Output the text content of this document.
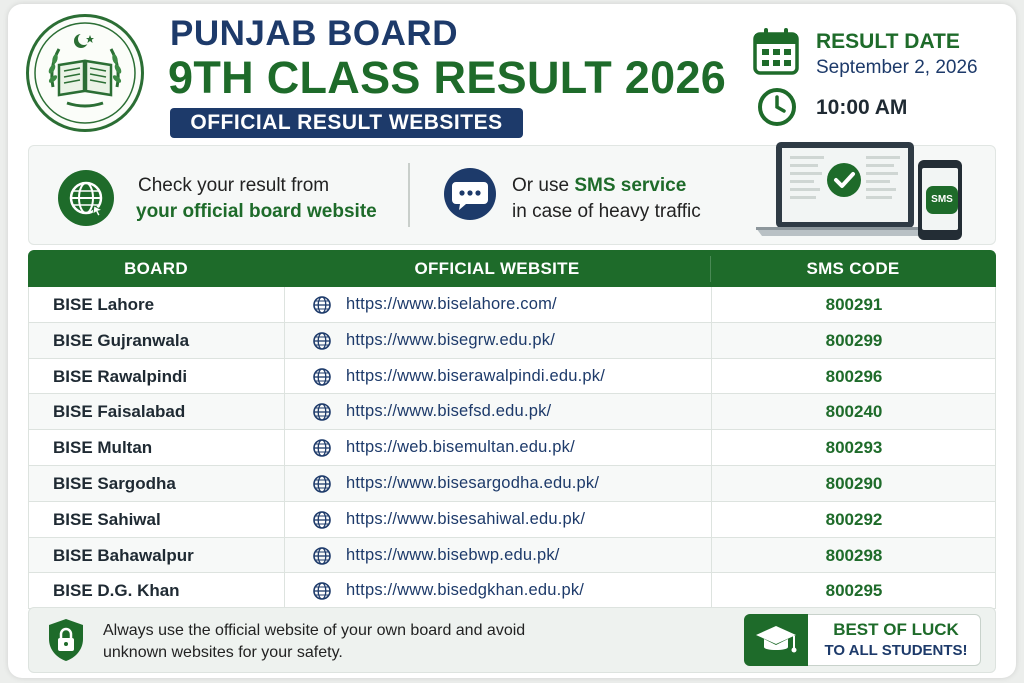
PUNJAB BOARD
9TH CLASS RESULT 2026
OFFICIAL RESULT WEBSITES
RESULT DATE
September 2, 2026
10:00 AM
Check your result from
your official board website
Or use SMS service
in case of heavy traffic
SMS
BOARD	OFFICIAL WEBSITE	SMS CODE
BISE Lahore	https://www.biselahore.com/	800291
BISE Gujranwala	https://www.bisegrw.edu.pk/	800299
BISE Rawalpindi	https://www.biserawalpindi.edu.pk/	800296
BISE Faisalabad	https://www.bisefsd.edu.pk/	800240
BISE Multan	https://web.bisemultan.edu.pk/	800293
BISE Sargodha	https://www.bisesargodha.edu.pk/	800290
BISE Sahiwal	https://www.bisesahiwal.edu.pk/	800292
BISE Bahawalpur	https://www.bisebwp.edu.pk/	800298
BISE D.G. Khan	https://www.bisedgkhan.edu.pk/	800295
Always use the official website of your own board and avoid
unknown websites for your safety.
BEST OF LUCK
TO ALL STUDENTS!
